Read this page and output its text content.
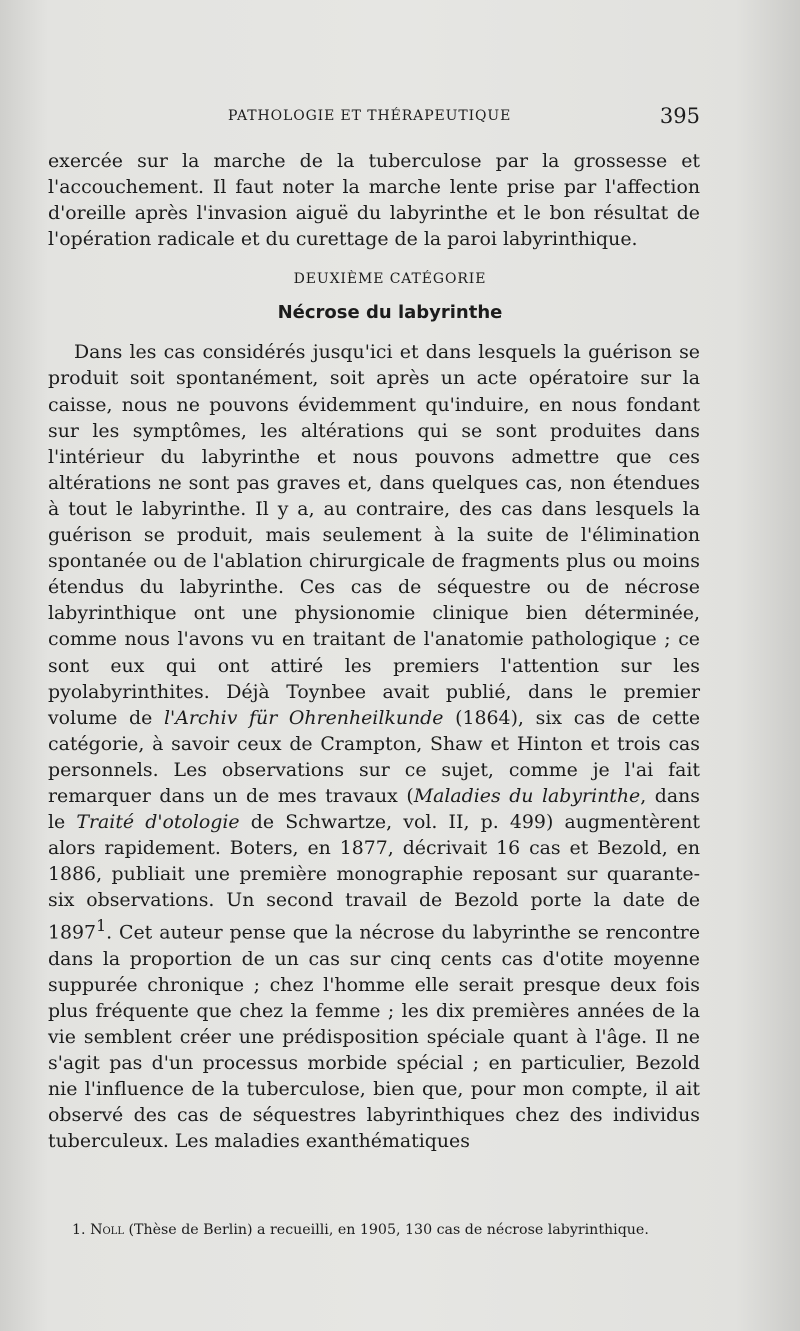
PATHOLOGIE ET THÉRAPEUTIQUE	395

exercée sur la marche de la tuberculose par la grossesse et l'accouchement. Il faut noter la marche lente prise par l'affection d'oreille après l'invasion aiguë du labyrinthe et le bon résultat de l'opération radicale et du curettage de la paroi labyrinthique.

DEUXIÈME CATÉGORIE
Nécrose du labyrinthe

Dans les cas considérés jusqu'ici et dans lesquels la guérison se produit soit spontanément, soit après un acte opératoire sur la caisse, nous ne pouvons évidemment qu'induire, en nous fondant sur les symptômes, les altérations qui se sont produites dans l'intérieur du labyrinthe et nous pouvons admettre que ces altérations ne sont pas graves et, dans quelques cas, non étendues à tout le labyrinthe. Il y a, au contraire, des cas dans lesquels la guérison se produit, mais seulement à la suite de l'élimination spontanée ou de l'ablation chirurgicale de fragments plus ou moins étendus du labyrinthe. Ces cas de séquestre ou de nécrose labyrinthique ont une physionomie clinique bien déterminée, comme nous l'avons vu en traitant de l'anatomie pathologique ; ce sont eux qui ont attiré les premiers l'attention sur les pyolabyrinthites. Déjà Toynbee avait publié, dans le premier volume de l'Archiv für Ohrenheilkunde (1864), six cas de cette catégorie, à savoir ceux de Crampton, Shaw et Hinton et trois cas personnels. Les observations sur ce sujet, comme je l'ai fait remarquer dans un de mes travaux (Maladies du labyrinthe, dans le Traité d'otologie de Schwartze, vol. II, p. 499) augmentèrent alors rapidement. Boters, en 1877, décrivait 16 cas et Bezold, en 1886, publiait une première monographie reposant sur quarante-six observations. Un second travail de Bezold porte la date de 1897$^1$. Cet auteur pense que la nécrose du labyrinthe se rencontre dans la proportion de un cas sur cinq cents cas d'otite moyenne suppurée chronique ; chez l'homme elle serait presque deux fois plus fréquente que chez la femme ; les dix premières années de la vie semblent créer une prédisposition spéciale quant à l'âge. Il ne s'agit pas d'un processus morbide spécial ; en particulier, Bezold nie l'influence de la tuberculose, bien que, pour mon compte, il ait observé des cas de séquestres labyrinthiques chez des individus tuberculeux. Les maladies exanthématiques

1. Noll (Thèse de Berlin) a recueilli, en 1905, 130 cas de nécrose labyrinthique.
